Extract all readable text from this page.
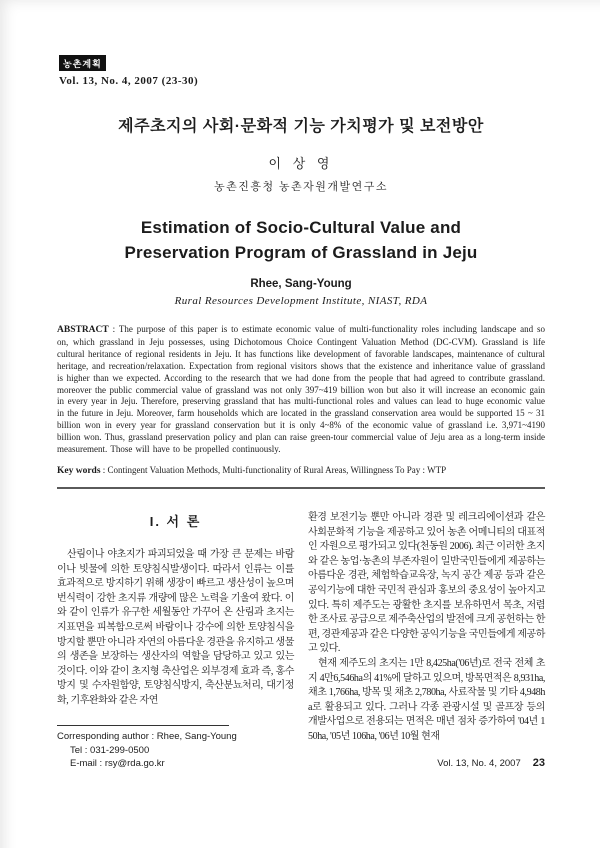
농촌계획
Vol. 13, No. 4, 2007 (23-30)
제주초지의 사회·문화적 기능 가치평가 및 보전방안
이 상 영
농촌진흥청 농촌자원개발연구소
Estimation of Socio-Cultural Value and
Preservation Program of Grassland in Jeju
Rhee, Sang-Young
Rural Resources Development Institute, NIAST, RDA

ABSTRACT : The purpose of this paper is to estimate economic value of multi-functionality roles including landscape and so on, which grassland in Jeju possesses, using Dichotomous Choice Contingent Valuation Method (DC-CVM). Grassland is life cultural heritance of regional residents in Jeju. It has functions like development of favorable landscapes, maintenance of cultural heritage, and recreation/relaxation. Expectation from regional visitors shows that the existence and inheritance value of grassland is higher than we expected. According to the research that we had done from the people that had agreed to contribute grassland. moreover the public commercial value of grassland was not only 397~419 billion won but also it will increase an economic gain in every year in Jeju. Therefore, preserving grassland that has multi-functional roles and values can lead to huge economic value in the future in Jeju. Moreover, farm households which are located in the grassland conservation area would be supported 15 ~ 31 billion won in every year for grassland conservation but it is only 4~8% of the economic value of grassland i.e. 3,971~4190 billion won. Thus, grassland preservation policy and plan can raise green-tour commercial value of Jeju area as a long-term inside measurement. Those will have to be propelled continuously.

Key words : Contingent Valuation Methods, Multi-functionality of Rural Areas, Willingness To Pay : WTP

I. 서 론

산림이나 야초지가 파괴되었을 때 가장 큰 문제는 바람이나 빗물에 의한 토양침식발생이다. 따라서 인류는 이를 효과적으로 방지하기 위해 생장이 빠르고 생산성이 높으며 번식력이 강한 초지류 개량에 많은 노력을 기울여 왔다. 이와 같이 인류가 유구한 세월동안 가꾸어 온 산림과 초지는 지표면을 피복함으로써 바람이나 강수에 의한 토양침식을 방지할 뿐만 아니라 자연의 아름다운 경관을 유지하고 생물의 생존을 보장하는 생산자의 역할을 담당하고 있고 있는 것이다. 이와 같이 초지형 축산업은 외부경제 효과 즉, 홍수방지 및 수자원함양, 토양침식방지, 축산분뇨처리, 대기정화, 기후완화와 같은 자연

Corresponding author : Rhee, Sang-Young
Tel : 031-299-0500
E-mail : rsy@rda.go.kr

환경 보전기능 뿐만 아니라 경관 및 레크리에이션과 같은 사회문화적 기능을 제공하고 있어 농촌 어메니티의 대표적인 자원으로 평가되고 있다(천동원 2006). 최근 이러한 초지와 같은 농업·농촌의 부존자원이 일반국민들에게 제공하는 아름다운 경관, 체험학습교육장, 녹지 공간 제공 등과 같은 공익기능에 대한 국민적 관심과 홍보의 중요성이 높아지고 있다. 특히 제주도는 광활한 초지를 보유하면서 목초, 저렴한 조사료 공급으로 제주축산업의 발전에 크게 공헌하는 한편, 경관제공과 같은 다양한 공익기능을 국민들에게 제공하고 있다.

현재 제주도의 초지는 1만 8,425ha('06년)로 전국 전체 초지 4만6,546ha의 41%에 달하고 있으며, 방목면적은 8,931ha, 채초 1,766ha, 방목 및 채초 2,780ha, 사료작물 및 기타 4,948ha로 활용되고 있다. 그러나 각종 관광시설 및 골프장 등의 개발사업으로 전용되는 면적은 매년 점차 증가하여 '04년 150ha, '05년 106ha, '06년 10월 현재

Vol. 13, No. 4, 2007 23
